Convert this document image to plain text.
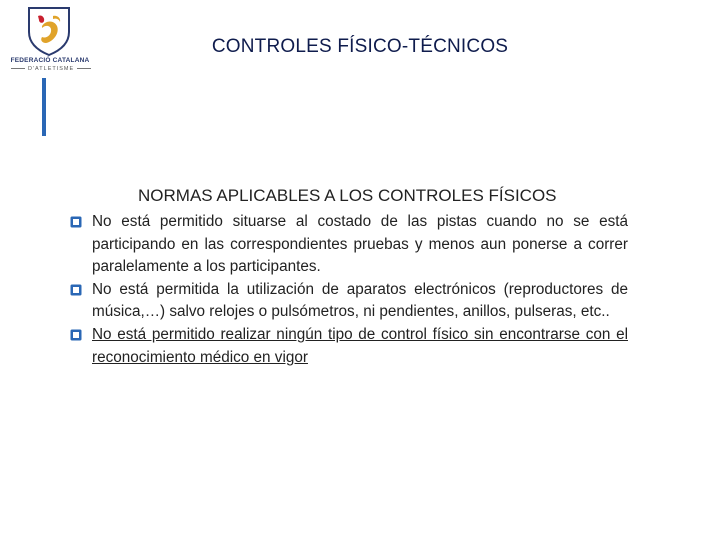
FEDERACIÓ CATALANA
D'ATLETISME
CONTROLES FÍSICO-TÉCNICOS
NORMAS APLICABLES A LOS CONTROLES FÍSICOS
No está permitido situarse al costado de las pistas cuando no se está participando en las correspondientes pruebas y menos aun ponerse a correr paralelamente a los participantes.
No está permitida la utilización de aparatos electrónicos (reproductores de música,…) salvo relojes o pulsómetros, ni pendientes, anillos, pulseras, etc..
No está permitido realizar ningún tipo de control físico sin encontrarse con el reconocimiento médico en vigor
